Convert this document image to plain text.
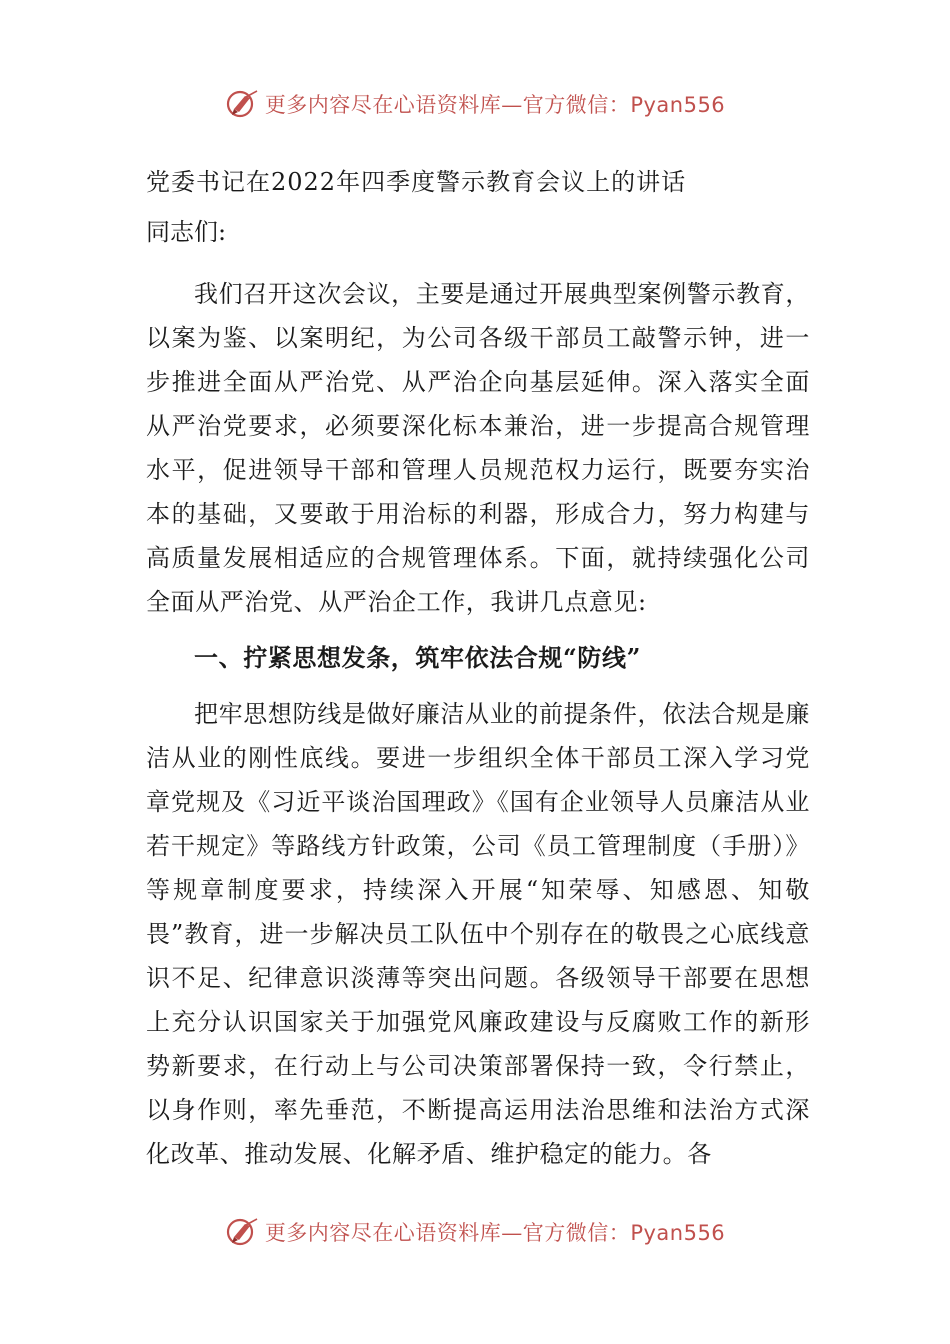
更多内容尽在心语资料库—官方微信：Pyan556
党委书记在2022年四季度警示教育会议上的讲话
同志们:

我们召开这次会议，主要是通过开展典型案例警示教育，以案为鉴、以案明纪，为公司各级干部员工敲警示钟，进一步推进全面从严治党、从严治企向基层延伸。深入落实全面从严治党要求，必须要深化标本兼治，进一步提高合规管理水平，促进领导干部和管理人员规范权力运行，既要夯实治本的基础，又要敢于用治标的利器，形成合力，努力构建与高质量发展相适应的合规管理体系。下面，就持续强化公司全面从严治党、从严治企工作，我讲几点意见:

一、拧紧思想发条，筑牢依法合规“防线”

把牢思想防线是做好廉洁从业的前提条件，依法合规是廉洁从业的刚性底线。要进一步组织全体干部员工深入学习党章党规及《习近平谈治国理政》《国有企业领导人员廉洁从业若干规定》等路线方针政策，公司《员工管理制度（手册）》等规章制度要求，持续深入开展“知荣辱、知感恩、知敬畏”教育，进一步解决员工队伍中个别存在的敬畏之心底线意识不足、纪律意识淡薄等突出问题。各级领导干部要在思想上充分认识国家关于加强党风廉政建设与反腐败工作的新形势新要求，在行动上与公司决策部署保持一致，令行禁止，以身作则，率先垂范，不断提高运用法治思维和法治方式深化改革、推动发展、化解矛盾、维护稳定的能力。各

更多内容尽在心语资料库—官方微信：Pyan556
